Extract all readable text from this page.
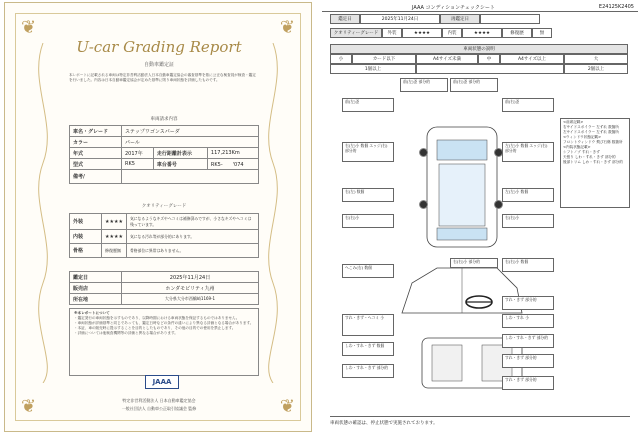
❦	❦
❦	❦
U-car Grading Report
自動車鑑定証
本レポートに記載される車両は特定非営利活動法人日本自動車鑑定協会の審査基準を基に公正な検査員が検査・鑑定を行いました。内容は日本自動車鑑定協会が定めた基準に則り車両状態を評価したものです。
車両請求内容
車名・グレード	ステップワゴンスパーダ		
カラー	パール		
年式	2017年	走行距離計表示	117,213Km
型式	RK5	車台番号	RK5-　　'074
備考/			
クオリティーグレード
外装	★★★★	気になるようなキズやヘコミは補修済みですが、小さなキズやヘコミは残っています。
内装	★★★★	気になる汚れ等が部分的にあります。
骨格	修復歴無	骨格部位に異常はありません。
鑑定日	2025年11月24日
販売店	ホンダモビリティ九州
所在地	大分県大分市西鶴崎1169-1
※本レポートについて
・鑑定発行の車両状態を示すものであり、以降時期における車両状態を保証するものではありません。
・車両状態が評価基準と同じであっても、鑑定日時などの条件の違いにより異なる評価となる場合があります。
・本証、車の販売時に提示することを目的としたものであり、その他の目的での使用を禁止します。
・評価については他検査機関等の評価と異なる場合があります。
JAAA
特定非営利活動法人 日本自動車鑑定協会
一般社団法人 自動車公正取引協議会 監修
JAAA コンディションチェックシート	E24125K2405
鑑定日	2025年11月24日	再鑑定日
クオリティーグレード	外装	★★★★	内装	★★★★	修復歴	無
車両状態の説明
小	カード以下	A4サイズ未満	中	A4サイズ以上	大
1個以上	2個以上
前(左)歪 部分的	前(右)歪 部分的
前(左)歪	前(右)歪
右(左)小 数個 エッジ(右) 部分的
左(左)小 数個 エッジ(右) 部分的
右(左) 数個	左(左)小 数個
右(右)小	右(右)小
へこみ(右) 数個
右(右)小 数個
右(右)小 部分的
すれ・きず 部分的
すれ・きず・ヘコミ 小	しわ・すれ 小
しわ・すれ・きず 数個
しわ・すれ・きず 部分的
しわ・すれ・きず 部分的
すれ・きず 部分的
すれ・きず 部分的
<前席記載>
右サイドスポイラー 左ずれ 数箇所
左サイドスポイラー 左ずれ 数箇所
<ウィンドウ状態記載>
フロントウィンドウ 飛び石傷 数箇所
<内装状態記載>
シフトノブ すれ・きず
天張り しわ・すれ・きず 部分的
後部トリム しわ・すれ・きず 部分的
車両状態の確認は、停止状態で実施されております。
